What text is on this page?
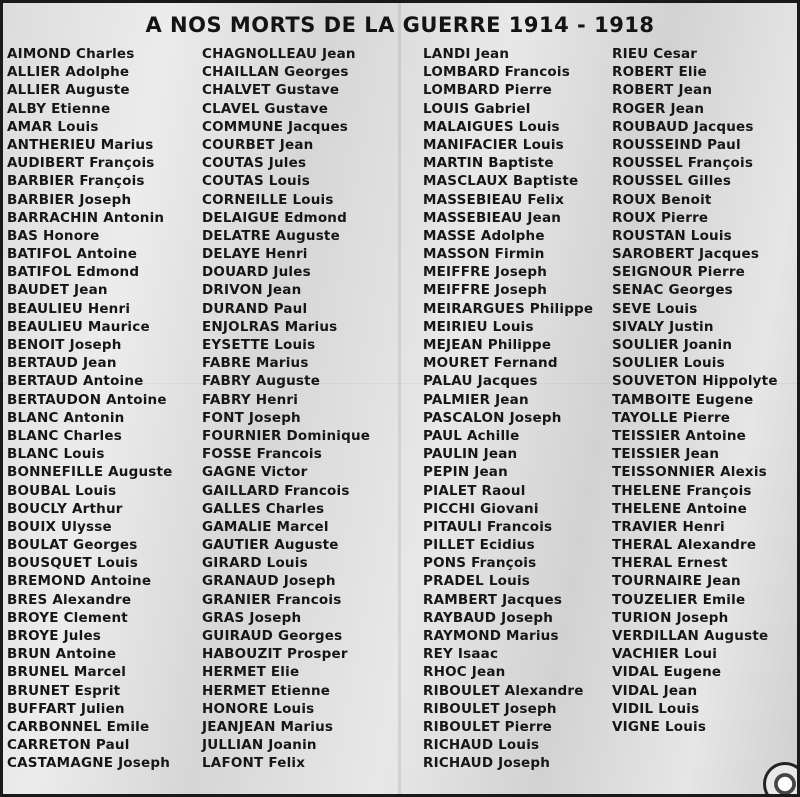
A NOS MORTS DE LA GUERRE 1914 - 1918
AIMOND Charles
ALLIER Adolphe
ALLIER Auguste
ALBY Etienne
AMAR Louis
ANTHERIEU Marius
AUDIBERT François
BARBIER François
BARBIER Joseph
BARRACHIN Antonin
BAS Honore
BATIFOL Antoine
BATIFOL Edmond
BAUDET Jean
BEAULIEU Henri
BEAULIEU Maurice
BENOIT Joseph
BERTAUD Jean
BERTAUD Antoine
BERTAUDON Antoine
BLANC Antonin
BLANC Charles
BLANC Louis
BONNEFILLE Auguste
BOUBAL Louis
BOUCLY Arthur
BOUIX Ulysse
BOULAT Georges
BOUSQUET Louis
BREMOND Antoine
BRES Alexandre
BROYE Clement
BROYE Jules
BRUN Antoine
BRUNEL Marcel
BRUNET Esprit
BUFFART Julien
CARBONNEL Emile
CARRETON Paul
CASTAMAGNE Joseph
CHAGNOLLEAU Jean
CHAILLAN Georges
CHALVET Gustave
CLAVEL Gustave
COMMUNE Jacques
COURBET Jean
COUTAS Jules
COUTAS Louis
CORNEILLE Louis
DELAIGUE Edmond
DELATRE Auguste
DELAYE Henri
DOUARD Jules
DRIVON Jean
DURAND Paul
ENJOLRAS Marius
EYSETTE Louis
FABRE Marius
FABRY Auguste
FABRY Henri
FONT Joseph
FOURNIER Dominique
FOSSE Francois
GAGNE Victor
GAILLARD Francois
GALLES Charles
GAMALIE Marcel
GAUTIER Auguste
GIRARD Louis
GRANAUD Joseph
GRANIER Francois
GRAS Joseph
GUIRAUD Georges
HABOUZIT Prosper
HERMET Elie
HERMET Etienne
HONORE Louis
JEANJEAN Marius
JULLIAN Joanin
LAFONT Felix
LANDI Jean
LOMBARD Francois
LOMBARD Pierre
LOUIS Gabriel
MALAIGUES Louis
MANIFACIER Louis
MARTIN Baptiste
MASCLAUX Baptiste
MASSEBIEAU Felix
MASSEBIEAU Jean
MASSE Adolphe
MASSON Firmin
MEIFFRE Joseph
MEIFFRE Joseph
MEIRARGUES Philippe
MEIRIEU Louis
MEJEAN Philippe
MOURET Fernand
PALAU Jacques
PALMIER Jean
PASCALON Joseph
PAUL Achille
PAULIN Jean
PEPIN Jean
PIALET Raoul
PICCHI Giovani
PITAULI Francois
PILLET Ecidius
PONS François
PRADEL Louis
RAMBERT Jacques
RAYBAUD Joseph
RAYMOND Marius
REY Isaac
RHOC Jean
RIBOULET Alexandre
RIBOULET Joseph
RIBOULET Pierre
RICHAUD Louis
RICHAUD Joseph
RIEU Cesar
ROBERT Elie
ROBERT Jean
ROGER Jean
ROUBAUD Jacques
ROUSSEIND Paul
ROUSSEL François
ROUSSEL Gilles
ROUX Benoit
ROUX Pierre
ROUSTAN Louis
SAROBERT Jacques
SEIGNOUR Pierre
SENAC Georges
SEVE Louis
SIVALY Justin
SOULIER Joanin
SOULIER Louis
SOUVETON Hippolyte
TAMBOITE Eugene
TAYOLLE Pierre
TEISSIER Antoine
TEISSIER Jean
TEISSONNIER Alexis
THELENE François
THELENE Antoine
TRAVIER Henri
THERAL Alexandre
THERAL Ernest
TOURNAIRE Jean
TOUZELIER Emile
TURION Joseph
VERDILLAN Auguste
VACHIER Loui
VIDAL Eugene
VIDAL Jean
VIDIL Louis
VIGNE Louis
